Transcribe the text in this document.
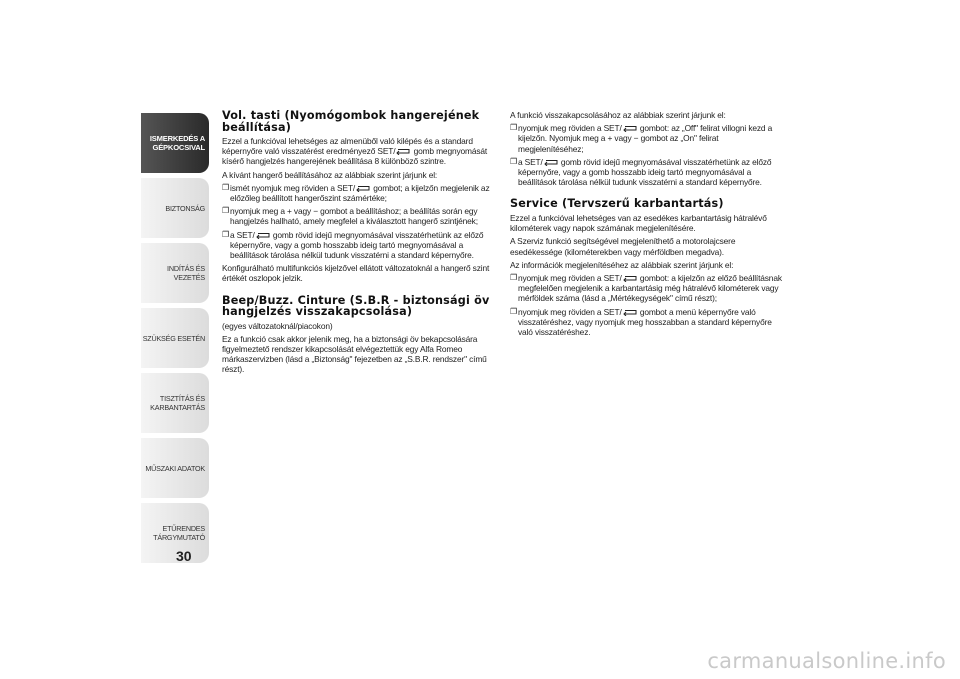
ISMERKEDÉS A
GÉPKOCSIVAL
BIZTONSÁG
INDÍTÁS ÉS VEZETÉS
SZÜKSÉG ESETÉN
TISZTÍTÁS ÉS
KARBANTARTÁS
MŰSZAKI ADATOK
ETŰRENDES
TÁRGYMUTATÓ
30
Vol. tasti (Nyomógombok hangerejének beállítása)

Ezzel a funkcióval lehetséges az almenüből való kilépés és a standard képernyőre való visszatérést eredményező SET/
gomb megnyomását kísérő hangjelzés hangerejének beállítása 8 különböző szintre.

A kívánt hangerő beállításához az alábbiak szerint járjunk el:

❐ ismét nyomjuk meg röviden a SET/
gombot; a kijelzőn megjelenik az előzőleg beállított hangerőszint számértéke;
❐ nyomjuk meg a + vagy − gombot a beállításhoz; a beállítás során egy hangjelzés hallható, amely megfelel a kiválasztott hangerő szintjének;
❐ a SET/
gomb rövid idejű megnyomásával visszatérhetünk az előző képernyőre, vagy a gomb hosszabb ideig tartó megnyomásával a beállítások tárolása nélkül tudunk visszatérni a standard képernyőre.

Konfigurálható multifunkciós kijelzővel ellátott változatoknál a hangerő szint értékét oszlopok jelzik.

Beep/Buzz. Cinture (S.B.R - biztonsági öv hangjelzés visszakapcsolása)

(egyes változatoknál/piacokon)

Ez a funkció csak akkor jelenik meg, ha a biztonsági öv bekapcsolására figyelmeztető rendszer kikapcsolását elvégeztettük egy Alfa Romeo márkaszervizben (lásd a „Biztonság" fejezetben az „S.B.R. rendszer" című részt).

A funkció visszakapcsolásához az alábbiak szerint járjunk el:

❐ nyomjuk meg röviden a SET/
gombot: az „Off" felirat villogni kezd a kijelzőn. Nyomjuk meg a + vagy − gombot az „On" felirat megjelenítéséhez;
❐ a SET/
gomb rövid idejű megnyomásával visszatérhetünk az előző képernyőre, vagy a gomb hosszabb ideig tartó megnyomásával a beállítások tárolása nélkül tudunk visszatérni a standard képernyőre.
Service (Tervszerű karbantartás)

Ezzel a funkcióval lehetséges van az esedékes karbantartásig hátralévő kilométerek vagy napok számának megjelenítésére.

A Szerviz funkció segítségével megjeleníthető a motorolajcsere esedékessége (kilométerekben vagy mérföldben megadva).

Az információk megjelenítéséhez az alábbiak szerint járjunk el:

❐ nyomjuk meg röviden a SET/
gombot: a kijelzőn az előző beállításnak megfelelően megjelenik a karbantartásig még hátralévő kilométerek vagy mérföldek száma (lásd a „Mértékegységek" című részt);
❐ nyomjuk meg röviden a SET/
gombot a menü képernyőre való visszatéréshez, vagy nyomjuk meg hosszabban a standard képernyőre való visszatéréshez.
carmanualsonline.info
